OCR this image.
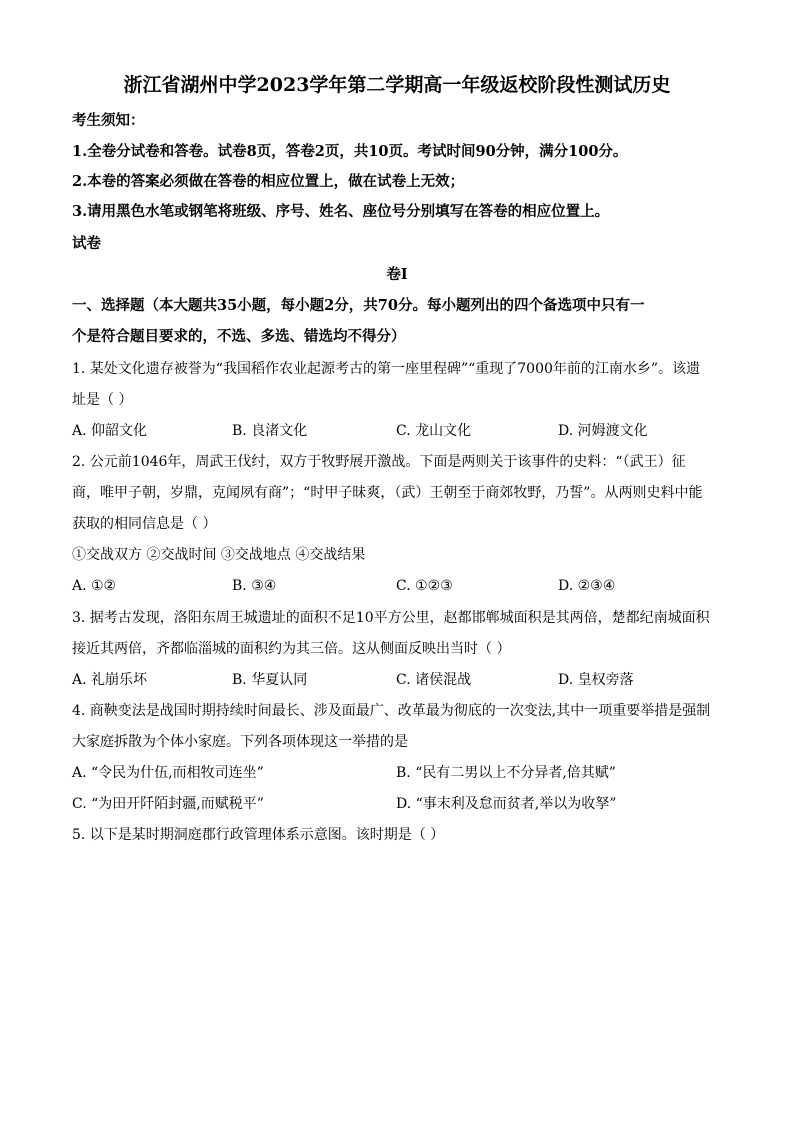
浙江省湖州中学2023学年第二学期高一年级返校阶段性测试历史

考生须知：

1.全卷分试卷和答卷。试卷8页，答卷2页，共10页。考试时间90分钟，满分100分。

2.本卷的答案必须做在答卷的相应位置上，做在试卷上无效；

3.请用黑色水笔或钢笔将班级、序号、姓名、座位号分别填写在答卷的相应位置上。

试卷

卷Ⅰ

一、选择题（本大题共35小题，每小题2分，共70分。每小题列出的四个备选项中只有一

个是符合题目要求的，不选、多选、错选均不得分）

1. 某处文化遗存被誉为“我国稻作农业起源考古的第一座里程碑”“重现了7000年前的江南水乡”。该遗

址是（ ）

A. 仰韶文化	B. 良渚文化	C. 龙山文化	D. 河姆渡文化

2. 公元前1046年，周武王伐纣，双方于牧野展开激战。下面是两则关于该事件的史料：“（武王）征

商，唯甲子朝，岁鼎，克闻夙有商”；“时甲子昧爽，（武）王朝至于商郊牧野，乃誓”。从两则史料中能

获取的相同信息是（ ）

①交战双方 ②交战时间 ③交战地点 ④交战结果

A. ①②	B. ③④	C. ①②③	D. ②③④

3. 据考古发现，洛阳东周王城遗址的面积不足10平方公里，赵都邯郸城面积是其两倍，楚都纪南城面积

接近其两倍，齐都临淄城的面积约为其三倍。这从侧面反映出当时（ ）

A. 礼崩乐坏	B. 华夏认同	C. 诸侯混战	D. 皇权旁落

4. 商鞅变法是战国时期持续时间最长、涉及面最广、改革最为彻底的一次变法,其中一项重要举措是强制

大家庭拆散为个体小家庭。下列各项体现这一举措的是

A. “令民为什伍,而相牧司连坐”	B. “民有二男以上不分异者,倍其赋”

C. “为田开阡陌封疆,而赋税平”	D. “事末利及怠而贫者,举以为收孥”

5. 以下是某时期洞庭郡行政管理体系示意图。该时期是（ ）
